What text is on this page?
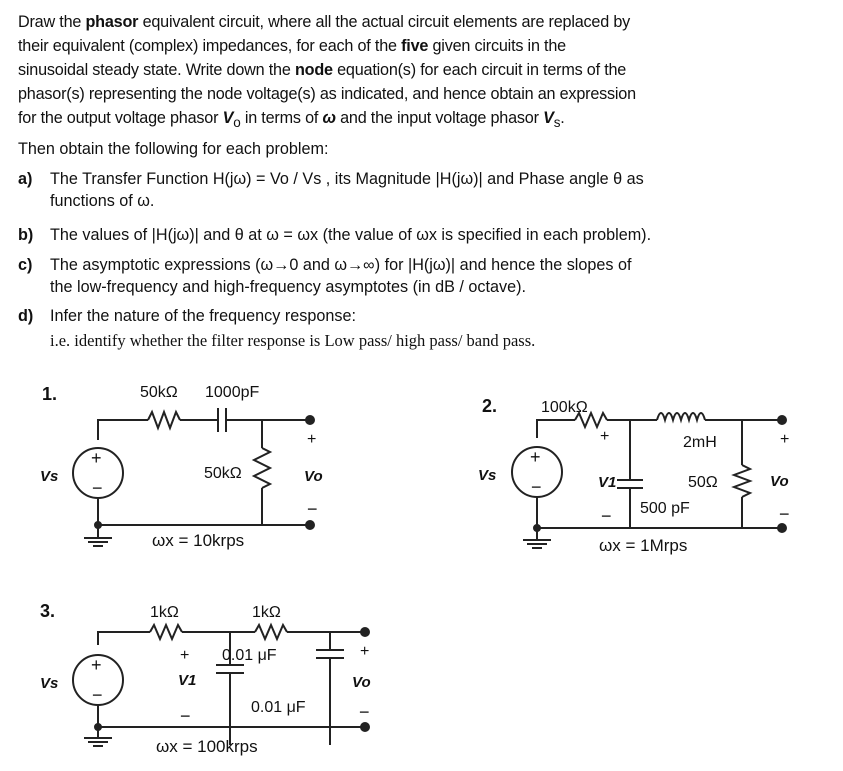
Draw the phasor equivalent circuit, where all the actual circuit elements are replaced by
their equivalent (complex) impedances, for each of the five given circuits in the
sinusoidal steady state. Write down the node equation(s) for each circuit in terms of the
phasor(s) representing the node voltage(s) as indicated, and hence obtain an expression
for the output voltage phasor $V_o$ in terms of ω and the input voltage phasor $V_s$.
Then obtain the following for each problem:
a) The Transfer Function H(jω) = Vo / Vs , its Magnitude |H(jω)| and Phase angle θ as
functions of ω.
b) The values of |H(jω)| and θ at ω = ωx (the value of ωx is specified in each problem).
c) The asymptotic expressions (ω→0 and ω→∞) for |H(jω)| and hence the slopes of
the low-frequency and high-frequency asymptotes (in dB / octave).
d) Infer the nature of the frequency response:
i.e. identify whether the filter response is Low pass/ high pass/ band pass.
1.	50kΩ 1000pF
+
−
Vs	50kΩ
+
Vo
−
ωx = 10krps
2.	100kΩ
2mH
+
V1
− 500 pF
50Ω
+
−
Vs
+
Vo
−
ωx = 1Mrps
3.	1kΩ	1kΩ
0.01 μF
0.01 μF
+
V1
−
+
−
Vs
+
Vo
−
ωx = 100krps
